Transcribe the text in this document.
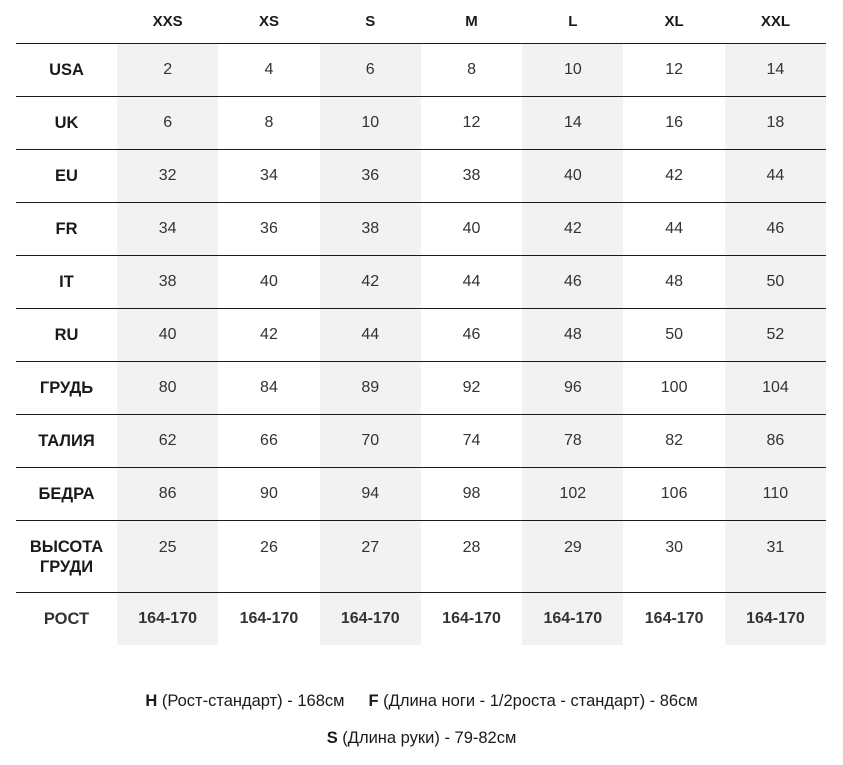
	XXS	XS	S	M	L	XL	XXL
USA	2	4	6	8	10	12	14
UK	6	8	10	12	14	16	18
EU	32	34	36	38	40	42	44
FR	34	36	38	40	42	44	46
IT	38	40	42	44	46	48	50
RU	40	42	44	46	48	50	52
ГРУДЬ	80	84	89	92	96	100	104
ТАЛИЯ	62	66	70	74	78	82	86
БЕДРА	86	90	94	98	102	106	110
ВЫСОТА ГРУДИ	25	26	27	28	29	30	31
РОСТ	164-170	164-170	164-170	164-170	164-170	164-170	164-170
H (Рост-стандарт) - 168см F (Длина ноги - 1/2роста - стандарт) - 86см
S (Длина руки) - 79-82см
